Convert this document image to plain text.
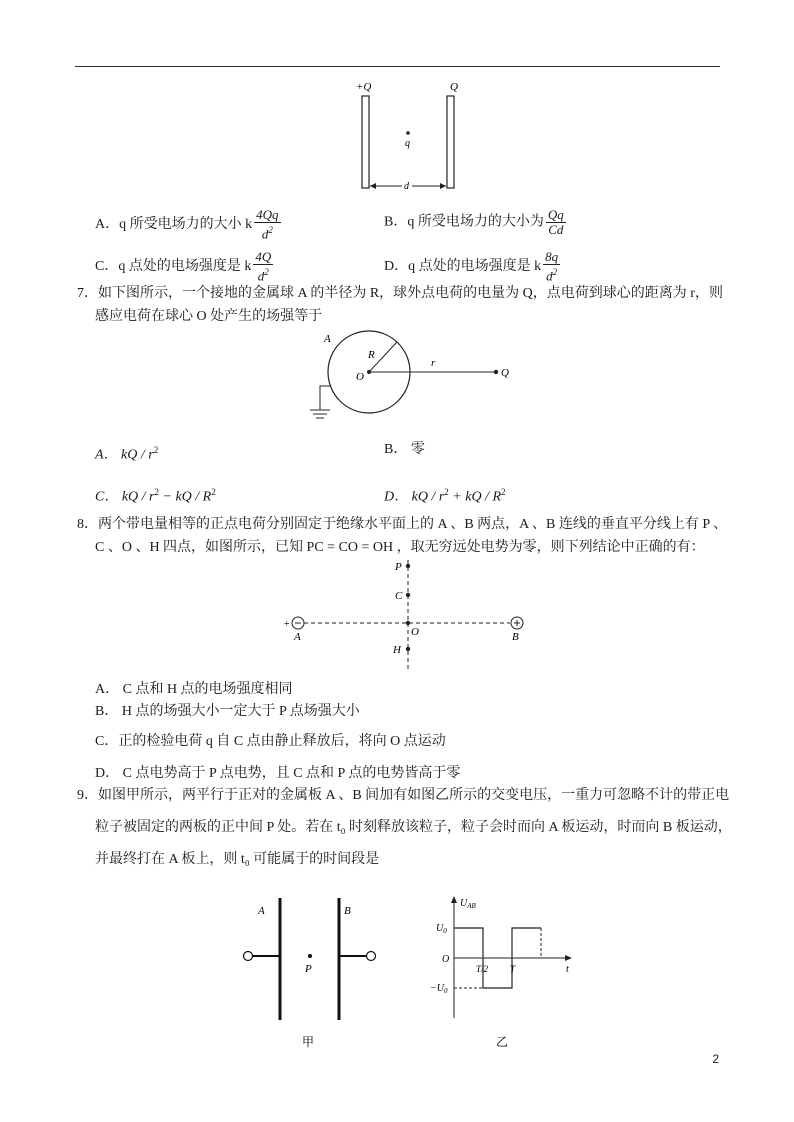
+Q	Q
q
d
A．q 所受电场力的大小 k $\frac{4Qq}{d^2}$	B．q 所受电场力的大小为 $\frac{Qq}{Cd}$
C．q 点处的电场强度是 k $\frac{4Q}{d^2}$	D．q 点处的电场强度是 k $\frac{8q}{d^2}$
7．如下图所示，一个接地的金属球 A 的半径为 R，球外点电荷的电量为 Q，点电荷到球心的距离为 r，则
感应电荷在球心 O 处产生的场强等于
A
R
O
r
Q
A． kQ / $r^2$	B． 零
C． kQ / $r^2$ − kQ / $R^2$	D． kQ / $r^2$ + kQ / $R^2$
8．两个带电量相等的正点电荷分别固定于绝缘水平面上的 A 、B 两点，A 、B 连线的垂直平分线上有 P 、
C 、O 、H 四点，如图所示，已知 PC = CO = OH ，取无穷远处电势为零，则下列结论中正确的有：
P
C
O
H
+
A	B
A． C 点和 H 点的电场强度相同
B． H 点的场强大小一定大于 P 点场强大小
C．正的检验电荷 q 自 C 点由静止释放后，将向 O 点运动
D． C 点电势高于 P 点电势，且 C 点和 P 点的电势皆高于零
9．如图甲所示，两平行于正对的金属板 A 、B 间加有如图乙所示的交变电压，一重力可忽略不计的带正电
粒子被固定的两板的正中间 P 处。若在 t₀ 时刻释放该粒子，粒子会时而向 A 板运动，时而向 B 板运动，
并最终打在 A 板上，则 t₀ 可能属于的时间段是
A	B
P
甲
$U_{AB}$
t
O
$U_0$
$-U_0$
T/2 T
乙
2
